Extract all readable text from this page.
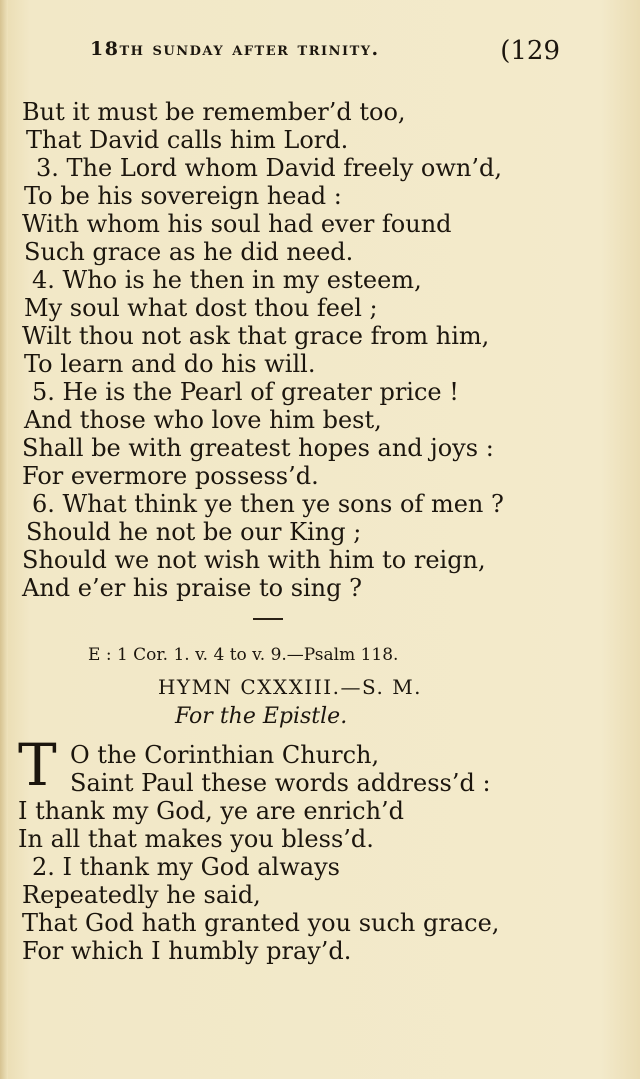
18th sunday after trinity.	(129
But it must be remember’d too,
That David calls him Lord.
3. The Lord whom David freely own’d,
To be his sovereign head :
With whom his soul had ever found
Such grace as he did need.
4. Who is he then in my esteem,
My soul what dost thou feel ;
Wilt thou not ask that grace from him,
To learn and do his will.
5. He is the Pearl of greater price !
And those who love him best,
Shall be with greatest hopes and joys :
For evermore possess’d.
6. What think ye then ye sons of men ?
Should he not be our King ;
Should we not wish with him to reign,
And e’er his praise to sing ?
E : 1 Cor. 1. v. 4 to v. 9.—Psalm 118.
HYMN CXXXIII.—S. M.
For the Epistle.
T O the Corinthian Church,
Saint Paul these words address’d :
I thank my God, ye are enrich’d
In all that makes you bless’d.
2. I thank my God always
Repeatedly he said,
That God hath granted you such grace,
For which I humbly pray’d.
